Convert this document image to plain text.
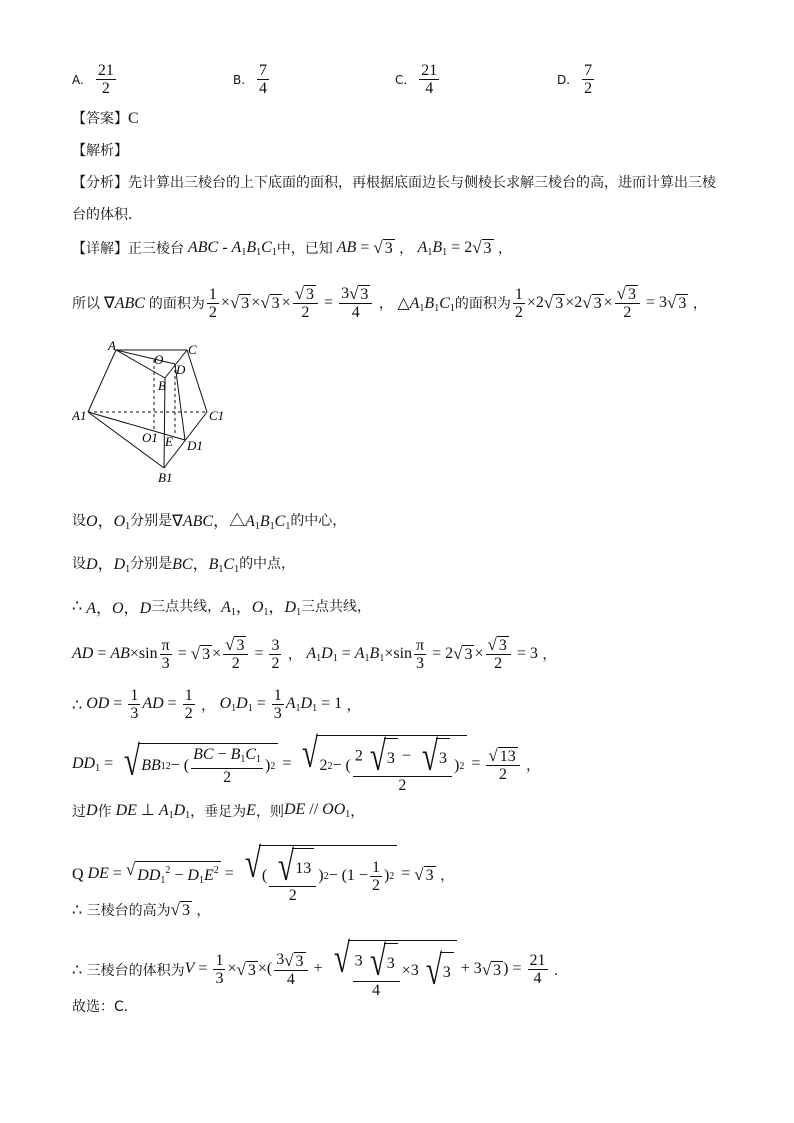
A. $\frac{21}{2}$	B. $\frac{7}{4}$	C. $\frac{21}{4}$	D. $\frac{7}{2}$
【答案】C
【解析】
【分析】先计算出三棱台的上下底面的面积，再根据底面边长与侧棱长求解三棱台的高，进而计算出三棱
台的体积．
【详解】 正三棱台 ABC - $A_1B_1C_1$ 中，已知 AB = √ 3 ， $A_1B_1 = 2$ √ 3 ，
所以 ∇ABC 的面积为 $\frac{1}{2}$ × √ 3 × √ $3 \times \frac{√ 3}{2} = \frac{3 √ 3}{4}$ ， $\triangle A_1B_1C_1$ 的面积为 $\frac{1}{2} \times 2$ √ 3 ×2 √ $3 \times \frac{√ 3}{2} = 3$ √ 3 ，
A
O
C
D
B
A1	C1
O1 E D1
B1
设 O，$O_1$ 分别是 ∇ABC，$\triangle A_1B_1C_1$ 的中心，
设 D，$D_1$ 分别是 BC，$B_1C_1$ 的中点，
∴ A，O，D 三点共线， $A_1$，$O_1$，$D_1$ 三点共线，
AD = $AB\times\sin \frac{\pi}{3}$ = √ $3 \times \frac{√ 3}{2} = \frac{3}{2}$ ， $A_1D_1 = A_1B_1\times\sin \frac{\pi}{3} = 2$ √ $3 \times \frac{√ 3}{2} = 3$ ，
∴ OD = $\frac{1}{3}$ AD = $\frac{1}{2}$ ， $O_1D_1 = \frac{1}{3} A_1D_1 = 1$ ，
$DD_1$ = √ BB 1 2 − ( $\frac{BC - B_1C_1}{2}$ ) 2 = √ 2 2 − ( $\frac{2 √ 3 - √ 3}{2}$ ) $2 = \frac{√ 13}{2}$ ，
过 D 作 DE ⊥ $A_1D_1$ ，垂足为 E ，则 DE // $OO_1$ ，
Q DE = √ $DD_1^2 - D_1E^2$ = √ ( $\frac{√ 13}{2}$ ) $2 - (1 - \frac{1}{2}$ ) 2 = √ 3 ，
∴
三棱台的高为 √ 3 ，
∴
三棱台的体积为 $V = \frac{1}{3}$ × √ 3 ×( $\frac{3 √ 3}{4}$ + √ $\frac{3 √ 3}{4} \times 3$ √ 3 + 3 √ 3 ) = $\frac{21}{4}$ ．
故选：C．
